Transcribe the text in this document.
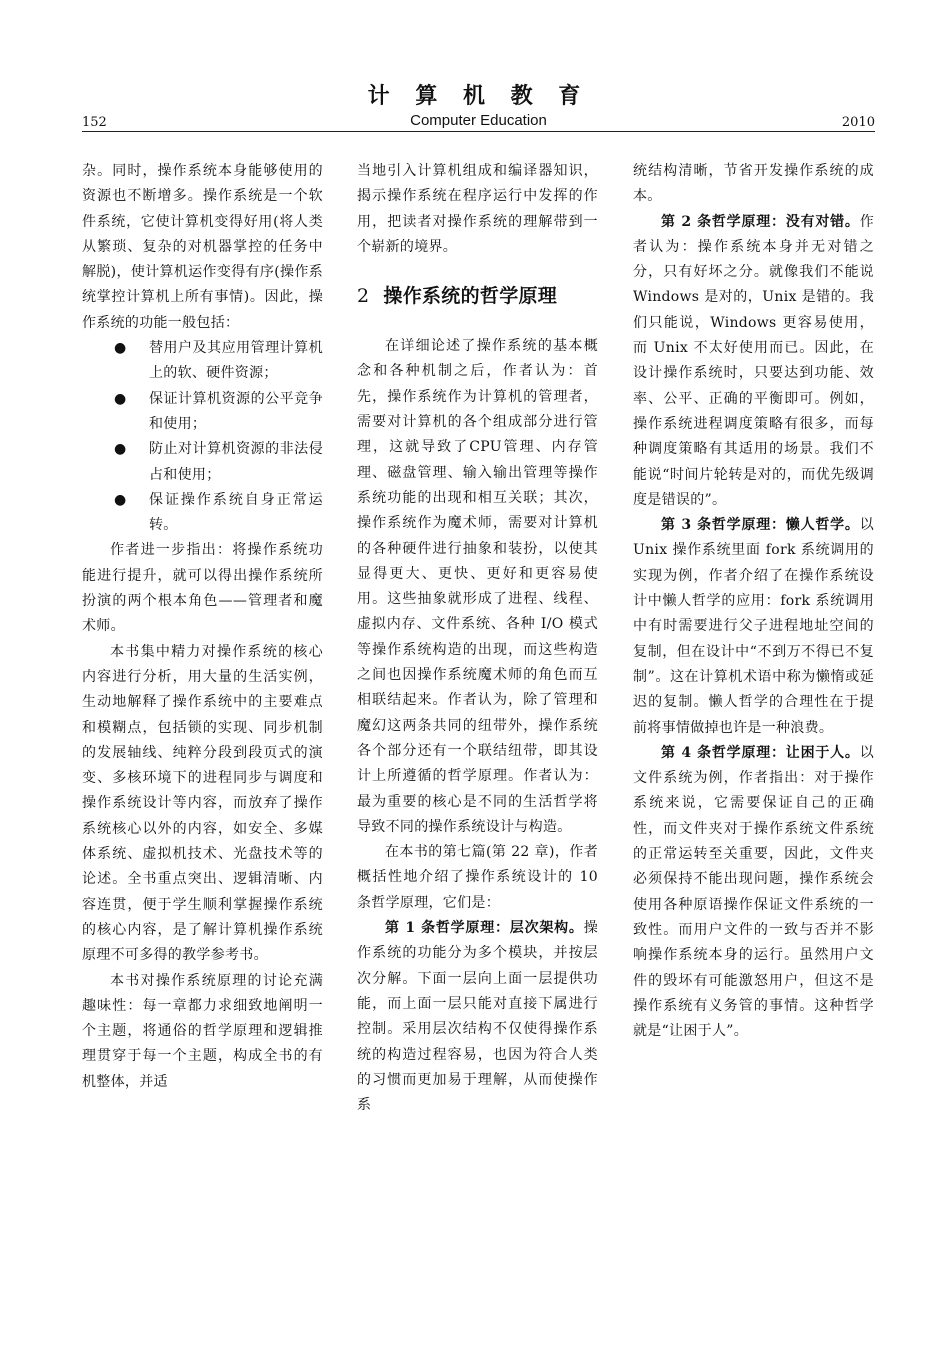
计 算 机 教 育
Computer Education
152	2010

杂。同时，操作系统本身能够使用的资源也不断增多。操作系统是一个软件系统，它使计算机变得好用(将人类从繁琐、复杂的对机器掌控的任务中解脱)，使计算机运作变得有序(操作系统掌控计算机上所有事情)。因此，操作系统的功能一般包括：

● 替用户及其应用管理计算机上的软、硬件资源；
● 保证计算机资源的公平竞争和使用；
● 防止对计算机资源的非法侵占和使用；
● 保证操作系统自身正常运转。

作者进一步指出：将操作系统功能进行提升，就可以得出操作系统所扮演的两个根本角色——管理者和魔术师。

本书集中精力对操作系统的核心内容进行分析，用大量的生活实例，生动地解释了操作系统中的主要难点和模糊点，包括锁的实现、同步机制的发展轴线、纯粹分段到段页式的演变、多核环境下的进程同步与调度和操作系统设计等内容，而放弃了操作系统核心以外的内容，如安全、多媒体系统、虚拟机技术、光盘技术等的论述。全书重点突出、逻辑清晰、内容连贯，便于学生顺利掌握操作系统的核心内容，是了解计算机操作系统原理不可多得的教学参考书。

本书对操作系统原理的讨论充满趣味性：每一章都力求细致地阐明一个主题，将通俗的哲学原理和逻辑推理贯穿于每一个主题，构成全书的有机整体，并适

当地引入计算机组成和编译器知识，揭示操作系统在程序运行中发挥的作用，把读者对操作系统的理解带到一个崭新的境界。

2 操作系统的哲学原理

在详细论述了操作系统的基本概念和各种机制之后，作者认为：首先，操作系统作为计算机的管理者，需要对计算机的各个组成部分进行管理，这就导致了CPU管理、内存管理、磁盘管理、输入输出管理等操作系统功能的出现和相互关联；其次，操作系统作为魔术师，需要对计算机的各种硬件进行抽象和装扮，以使其显得更大、更快、更好和更容易使用。这些抽象就形成了进程、线程、虚拟内存、文件系统、各种 I/O 模式等操作系统构造的出现，而这些构造之间也因操作系统魔术师的角色而互相联结起来。作者认为，除了管理和魔幻这两条共同的纽带外，操作系统各个部分还有一个联结纽带，即其设计上所遵循的哲学原理。作者认为：最为重要的核心是不同的生活哲学将导致不同的操作系统设计与构造。

在本书的第七篇(第 22 章)，作者概括性地介绍了操作系统设计的 10 条哲学原理，它们是：

第 1 条哲学原理：层次架构。操作系统的功能分为多个模块，并按层次分解。下面一层向上面一层提供功能，而上面一层只能对直接下属进行控制。采用层次结构不仅使得操作系统的构造过程容易，也因为符合人类的习惯而更加易于理解，从而使操作系

统结构清晰，节省开发操作系统的成本。

第 2 条哲学原理：没有对错。作者认为：操作系统本身并无对错之分，只有好坏之分。就像我们不能说 Windows 是对的，Unix 是错的。我们只能说，Windows 更容易使用，而 Unix 不太好使用而已。因此，在设计操作系统时，只要达到功能、效率、公平、正确的平衡即可。例如，操作系统进程调度策略有很多，而每种调度策略有其适用的场景。我们不能说“时间片轮转是对的，而优先级调度是错误的”。

第 3 条哲学原理：懒人哲学。以 Unix 操作系统里面 fork 系统调用的实现为例，作者介绍了在操作系统设计中懒人哲学的应用：fork 系统调用中有时需要进行父子进程地址空间的复制，但在设计中“不到万不得已不复制”。这在计算机术语中称为懒惰或延迟的复制。懒人哲学的合理性在于提前将事情做掉也许是一种浪费。

第 4 条哲学原理：让困于人。以文件系统为例，作者指出：对于操作系统来说，它需要保证自己的正确性，而文件夹对于操作系统文件系统的正常运转至关重要，因此，文件夹必须保持不能出现问题，操作系统会使用各种原语操作保证文件系统的一致性。而用户文件的一致与否并不影响操作系统本身的运行。虽然用户文件的毁坏有可能激怒用户，但这不是操作系统有义务管的事情。这种哲学就是“让困于人”。
